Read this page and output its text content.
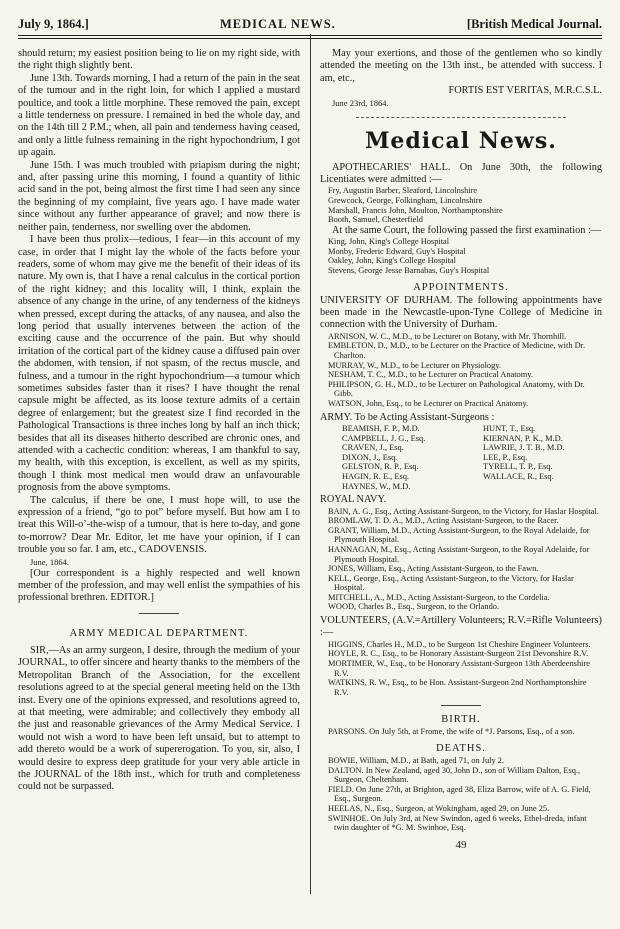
July 9, 1864.]	MEDICAL NEWS.	[British Medical Journal.

should return; my easiest position being to lie on my right side, with the right thigh slightly bent.

June 13th. Towards morning, I had a return of the pain in the seat of the tumour and in the right loin, for which I applied a mustard poultice, and took a little morphine. These removed the pain, except a little tenderness on pressure. I remained in bed the whole day, and on the 14th till 2 P.M.; when, all pain and tenderness having ceased, and only a little fulness remaining in the right hypochondrium, I got up again.

June 15th. I was much troubled with priapism during the night; and, after passing urine this morning, I found a quantity of lithic acid sand in the pot, being almost the first time I had seen any since the beginning of my complaint, five years ago. I have made water since without any further appearance of gravel; and now there is neither pain, tenderness, nor swelling over the abdomen.

I have been thus prolix—tedious, I fear—in this account of my case, in order that I might lay the whole of the facts before your readers, some of whom may give me the benefit of their ideas of its nature. My own is, that I have a renal calculus in the cortical portion of the right kidney; and this locality will, I think, explain the absence of any change in the urine, of any tenderness of the kidneys when pressed, except during the attacks, of any nausea, and also the long period that usually intervenes between the action of the exciting cause and the occurrence of the pain. But why should irritation of the cortical part of the kidney cause a diffused pain over the abdomen, with tension, if not spasm, of the rectus muscle, and fulness, and a tumour in the right hypochondrium—a tumour which sometimes subsides faster than it rises? I have thought the renal capsule might be affected, as its loose texture admits of a certain degree of enlargement; but the greatest size I find recorded in the Pathological Transactions is three inches long by half an inch thick; besides that all its diseases hitherto described are chronic ones, and attended with a cachectic condition: whereas, I am thankful to say, my health, with this exception, is excellent, as well as my spirits, though I think most medical men would draw an unfavourable prognosis from the above symptoms.

The calculus, if there be one, I must hope will, to use the expression of a friend, “go to pot” before myself. But how am I to treat this Will-o’-the-wisp of a tumour, that is here to-day, and gone to-morrow? Dear Mr. Editor, let me have your opinion, if I can trouble you so far. I am, etc., CADOVENSIS.

June, 1864.

[Our correspondent is a highly respected and well known member of the profession, and may well enlist the sympathies of his professional brethren. EDITOR.]

ARMY MEDICAL DEPARTMENT.

SIR,—As an army surgeon, I desire, through the medium of your JOURNAL, to offer sincere and hearty thanks to the members of the Metropolitan Branch of the Association, for the excellent resolutions agreed to at the special general meeting held on the 13th inst. Every one of the opinions expressed, and resolutions agreed to, at that meeting, were admirable; and collectively they embody all the just and reasonable grievances of the Army Medical Service. I would not wish a word to have been left unsaid, but to attempt to add thereto would be a work of supererogation. To you, sir, also, I would desire to express deep gratitude for your very able article in the JOURNAL of the 18th inst., which for truth and completeness could not be surpassed.

May your exertions, and those of the gentlemen who so kindly attended the meeting on the 13th inst., be attended with success. I am, etc.,

FORTIS EST VERITAS, M.R.C.S.L.
June 23rd, 1864.
Medical News.

APOTHECARIES' HALL. On June 30th, the following Licentiates were admitted :—

Fry, Augustin Barber, Sleaford, Lincolnshire
Grewcock, George, Folkingham, Lincolnshire
Marshall, Francis John, Moulton, Northamptonshire
Booth, Samuel, Chesterfield

At the same Court, the following passed the first examination :—

King, John, King's College Hospital
Monby, Frederic Edward, Guy's Hospital
Oakley, John, King's College Hospital
Stevens, George Jesse Barnabas, Guy's Hospital
APPOINTMENTS.

UNIVERSITY OF DURHAM. The following appointments have been made in the Newcastle-upon-Tyne College of Medicine in connection with the University of Durham.

ARNISON, W. C., M.D., to be Lecturer on Botany, with Mr. Thornhill.
EMBLETON, D., M.D., to be Lecturer on the Practice of Medicine, with Dr. Charlton.
MURRAY, W., M.D., to be Lecturer on Physiology.
NESHAM, T. C., M.D., to be Lecturer on Practical Anatomy.
PHILIPSON, G. H., M.D., to be Lecturer on Pathological Anatomy, with Dr. Gibb.
WATSON, John, Esq., to be Lecturer on Practical Anatomy.

ARMY. To be Acting Assistant-Surgeons :

BEAMISH, F. P., M.D.
CAMPBELL, J. G., Esq.
CRAVEN, J., Esq.
DIXON, J., Esq.
GELSTON, R. P., Esq.
HAGIN, R. E., Esq.
HAYNES, W., M.D.
HUNT, T., Esq.
KIERNAN, P. K., M.D.
LAWRIE, J. T. B., M.D.
LEE, P., Esq.
TYRELL, T. P., Esq.
WALLACE, R., Esq.

ROYAL NAVY.

BAIN, A. G., Esq., Acting Assistant-Surgeon, to the Victory, for Haslar Hospital.
BROMLAW, T. D. A., M.D., Acting Assistant-Surgeon, to the Racer.
GRANT, William, M.D., Acting Assistant-Surgeon, to the Royal Adelaide, for Plymouth Hospital.
HANNAGAN, M., Esq., Acting Assistant-Surgeon, to the Royal Adelaide, for Plymouth Hospital.
JONES, William, Esq., Acting Assistant-Surgeon, to the Fawn.
KELL, George, Esq., Acting Assistant-Surgeon, to the Victory, for Haslar Hospital.
MITCHELL, A., M.D., Acting Assistant-Surgeon, to the Cordelia.
WOOD, Charles B., Esq., Surgeon, to the Orlando.

VOLUNTEERS, (A.V.=Artillery Volunteers; R.V.=Rifle Volunteers) :—

HIGGINS, Charles H., M.D., to be Surgeon 1st Cheshire Engineer Volunteers.
HOYLE, R. C., Esq., to be Honorary Assistant-Surgeon 21st Devonshire R.V.
MORTIMER, W., Esq., to be Honorary Assistant-Surgeon 13th Aberdeenshire R.V.
WATKINS, R. W., Esq., to be Hon. Assistant-Surgeon 2nd Northamptonshire R.V.
BIRTH.
PARSONS. On July 5th, at Frome, the wife of *J. Parsons, Esq., of a son.
DEATHS.
BOWIE, William, M.D., at Bath, aged 71, on July 2.
DALTON. In New Zealand, aged 30, John D., son of William Dalton, Esq., Surgeon, Cheltenham.
FIELD. On June 27th, at Brighton, aged 38, Eliza Barrow, wife of A. G. Field, Esq., Surgeon.
HEELAS, N., Esq., Surgeon, at Wokingham, aged 29, on June 25.
SWINHOE. On July 3rd, at New Swindon, aged 6 weeks, Ethel-dreda, infant twin daughter of *G. M. Swinhoe, Esq.
49
